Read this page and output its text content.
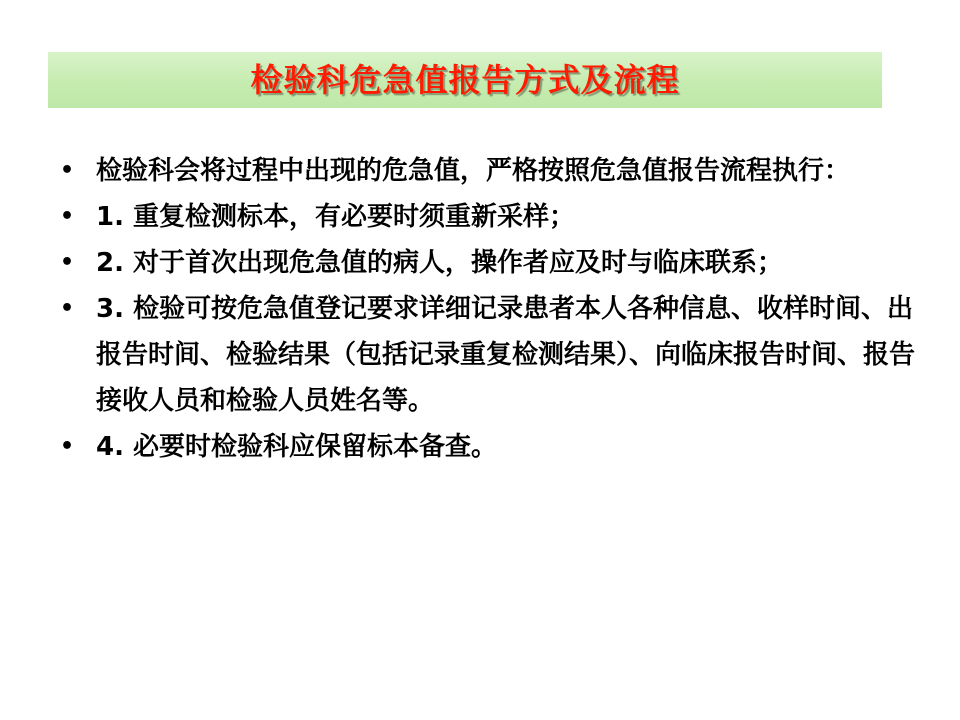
检验科危急值报告方式及流程
• 检验科会将过程中出现的危急值，严格按照危急值报告流程执行：
• 1. 重复检测标本，有必要时须重新采样；
• 2. 对于首次出现危急值的病人，操作者应及时与临床联系；
• 3. 检验可按危急值登记要求详细记录患者本人各种信息、收样时间、出报告时间、检验结果（包括记录重复检测结果）、向临床报告时间、报告接收人员和检验人员姓名等。
• 4. 必要时检验科应保留标本备查。
